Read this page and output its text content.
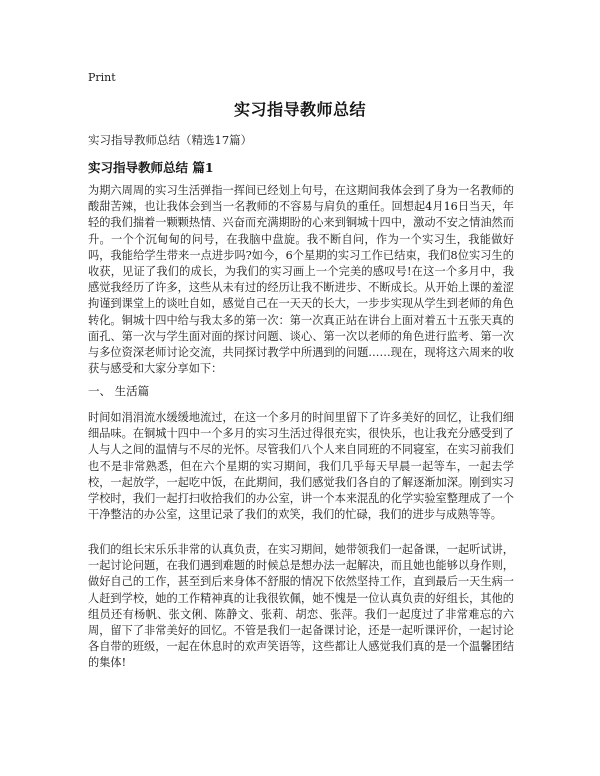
Print
实习指导教师总结
实习指导教师总结（精选17篇）
实习指导教师总结 篇1

为期六周周的实习生活弹指一挥间已经划上句号，在这期间我体会到了身为一名教师的酸甜苦辣，也让我体会到当一名教师的不容易与肩负的重任。回想起4月16日当天，年轻的我们揣着一颗颗热情、兴奋而充满期盼的心来到铜城十四中，激动不安之情油然而升。一个个沉甸甸的问号，在我脑中盘旋。我不断自问，作为一个实习生，我能做好吗，我能给学生带来一点进步吗?如今，6个星期的实习工作已结束，我们8位实习生的收获，见证了我们的成长，为我们的实习画上一个完美的感叹号!在这一个多月中，我感觉我经历了许多，这些从未有过的经历让我不断进步、不断成长。从开始上课的羞涩拘谨到课堂上的谈吐自如，感觉自己在一天天的长大，一步步实现从学生到老师的角色转化。铜城十四中给与我太多的第一次：第一次真正站在讲台上面对着五十五张天真的面孔、第一次与学生面对面的探讨问题、谈心、第一次以老师的角色进行监考、第一次与多位资深老师讨论交流，共同探讨教学中所遇到的问题……现在，现将这六周来的收获与感受和大家分享如下：

一、 生活篇

时间如涓涓流水缓缓地流过，在这一个多月的时间里留下了许多美好的回忆，让我们细细品味。在铜城十四中一个多月的实习生活过得很充实，很快乐，也让我充分感受到了人与人之间的温情与不尽的光怀。尽管我们八个人来自同班的不同寝室，在实习前我们也不是非常熟悉，但在六个星期的实习期间，我们几乎每天早晨一起等车，一起去学校，一起放学，一起吃中饭，在此期间，我们感觉我们各自的了解逐渐加深。刚到实习学校时，我们一起打扫收拾我们的办公室，讲一个本来混乱的化学实验室整理成了一个干净整洁的办公室，这里记录了我们的欢笑，我们的忙碌，我们的进步与成熟等等。

我们的组长宋乐乐非常的认真负责，在实习期间，她带领我们一起备课，一起听试讲，一起讨论问题，在我们遇到难题的时候总是想办法一起解决，而且她也能够以身作则，做好自己的工作，甚至到后来身体不舒服的情况下依然坚持工作，直到最后一天生病一人赶到学校，她的工作精神真的让我很钦佩，她不愧是一位认真负责的好组长，其他的组员还有杨帆、张文俐、陈静文、张莉、胡恋、张萍。我们一起度过了非常难忘的六周，留下了非常美好的回忆。不管是我们一起备课讨论，还是一起听课评价，一起讨论各自带的班级，一起在休息时的欢声笑语等，这些都让人感觉我们真的是一个温馨团结的集体!
